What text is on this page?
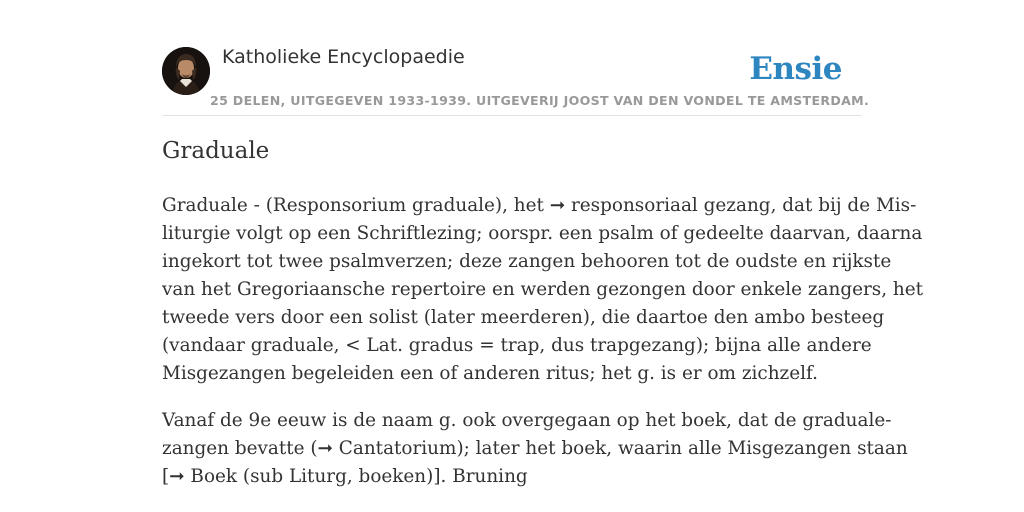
Katholieke Encyclopaedie
25 DELEN, UITGEGEVEN 1933-1939. UITGEVERIJ JOOST VAN DEN VONDEL TE AMSTERDAM.
Ensie
Graduale

Graduale - (Responsorium graduale), het ➞ responsoriaal gezang, dat bij de Mis-
liturgie volgt op een Schriftlezing; oorspr. een psalm of gedeelte daarvan, daarna
ingekort tot twee psalmverzen; deze zangen behooren tot de oudste en rijkste
van het Gregoriaansche repertoire en werden gezongen door enkele zangers, het
tweede vers door een solist (later meerderen), die daartoe den ambo besteeg
(vandaar graduale, < Lat. gradus = trap, dus trapgezang); bijna alle andere
Misgezangen begeleiden een of anderen ritus; het g. is er om zichzelf.

Vanaf de 9e eeuw is de naam g. ook overgegaan op het boek, dat de graduale-
zangen bevatte (➞ Cantatorium); later het boek, waarin alle Misgezangen staan
[➞ Boek (sub Liturg, boeken)]. Bruning
